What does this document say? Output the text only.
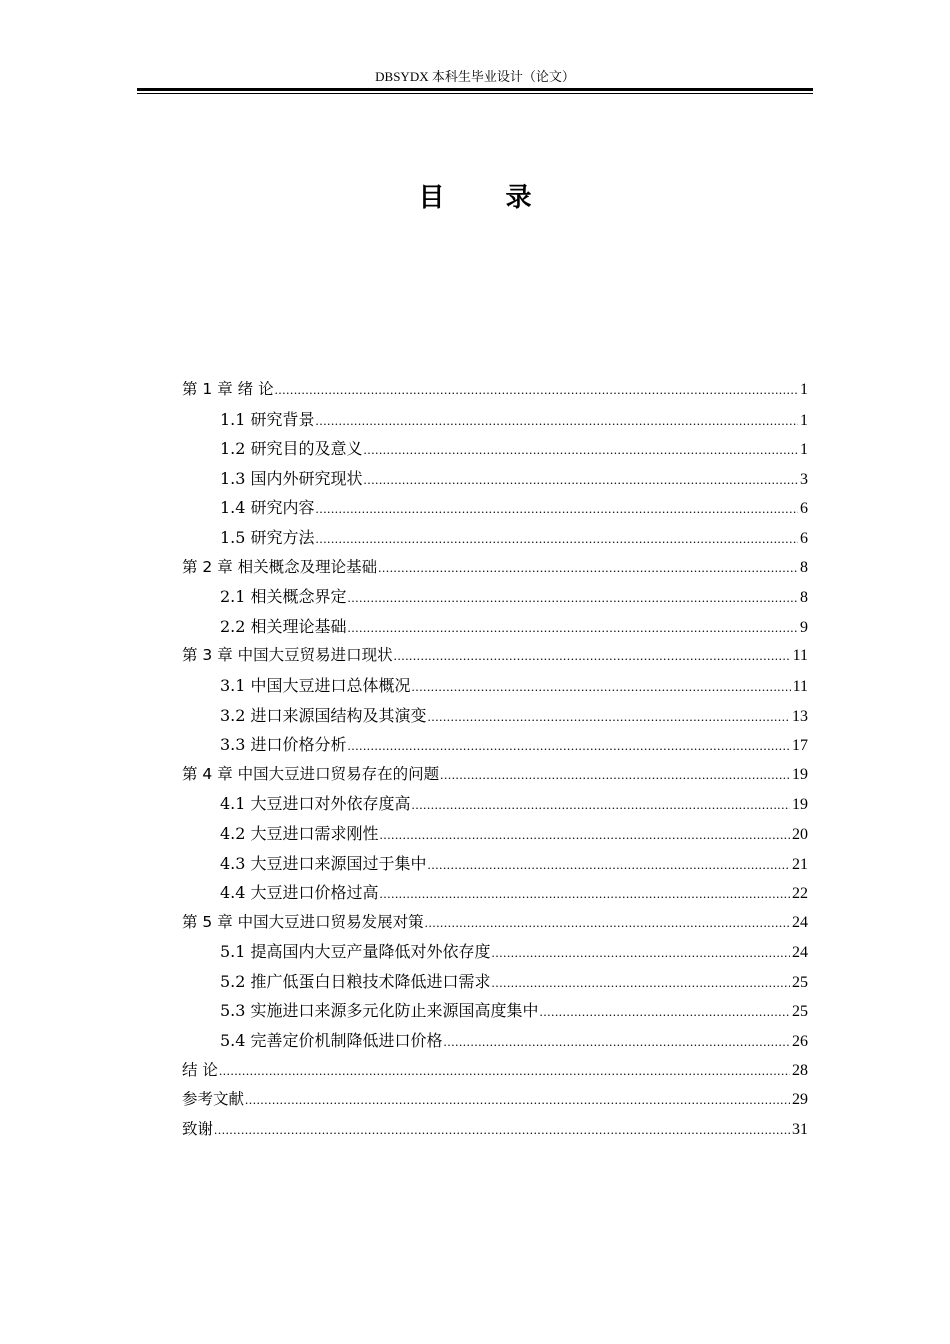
DBSYDX 本科生毕业设计（论文）
目 录
第 1 章 绪 论 .....	1
1.1 研究背景 .....	1
1.2 研究目的及意义 .....	1
1.3 国内外研究现状 .....	3
1.4 研究内容 .....	6
1.5 研究方法 .....	6
第 2 章 相关概念及理论基础 .....	8
2.1 相关概念界定 .....	8
2.2 相关理论基础 .....	9
第 3 章 中国大豆贸易进口现状 .....	11
3.1 中国大豆进口总体概况 .....	11
3.2 进口来源国结构及其演变 .....	13
3.3 进口价格分析 .....	17
第 4 章 中国大豆进口贸易存在的问题 .....	19
4.1 大豆进口对外依存度高 .....	19
4.2 大豆进口需求刚性 .....	20
4.3 大豆进口来源国过于集中 .....	21
4.4 大豆进口价格过高 .....	22
第 5 章 中国大豆进口贸易发展对策 .....	24
5.1 提高国内大豆产量降低对外依存度 .....	24
5.2 推广低蛋白日粮技术降低进口需求 .....	25
5.3 实施进口来源多元化防止来源国高度集中 .....	25
5.4 完善定价机制降低进口价格 .....	26
结 论 .....	28
参考文献 .....	29
致谢 .....	31
